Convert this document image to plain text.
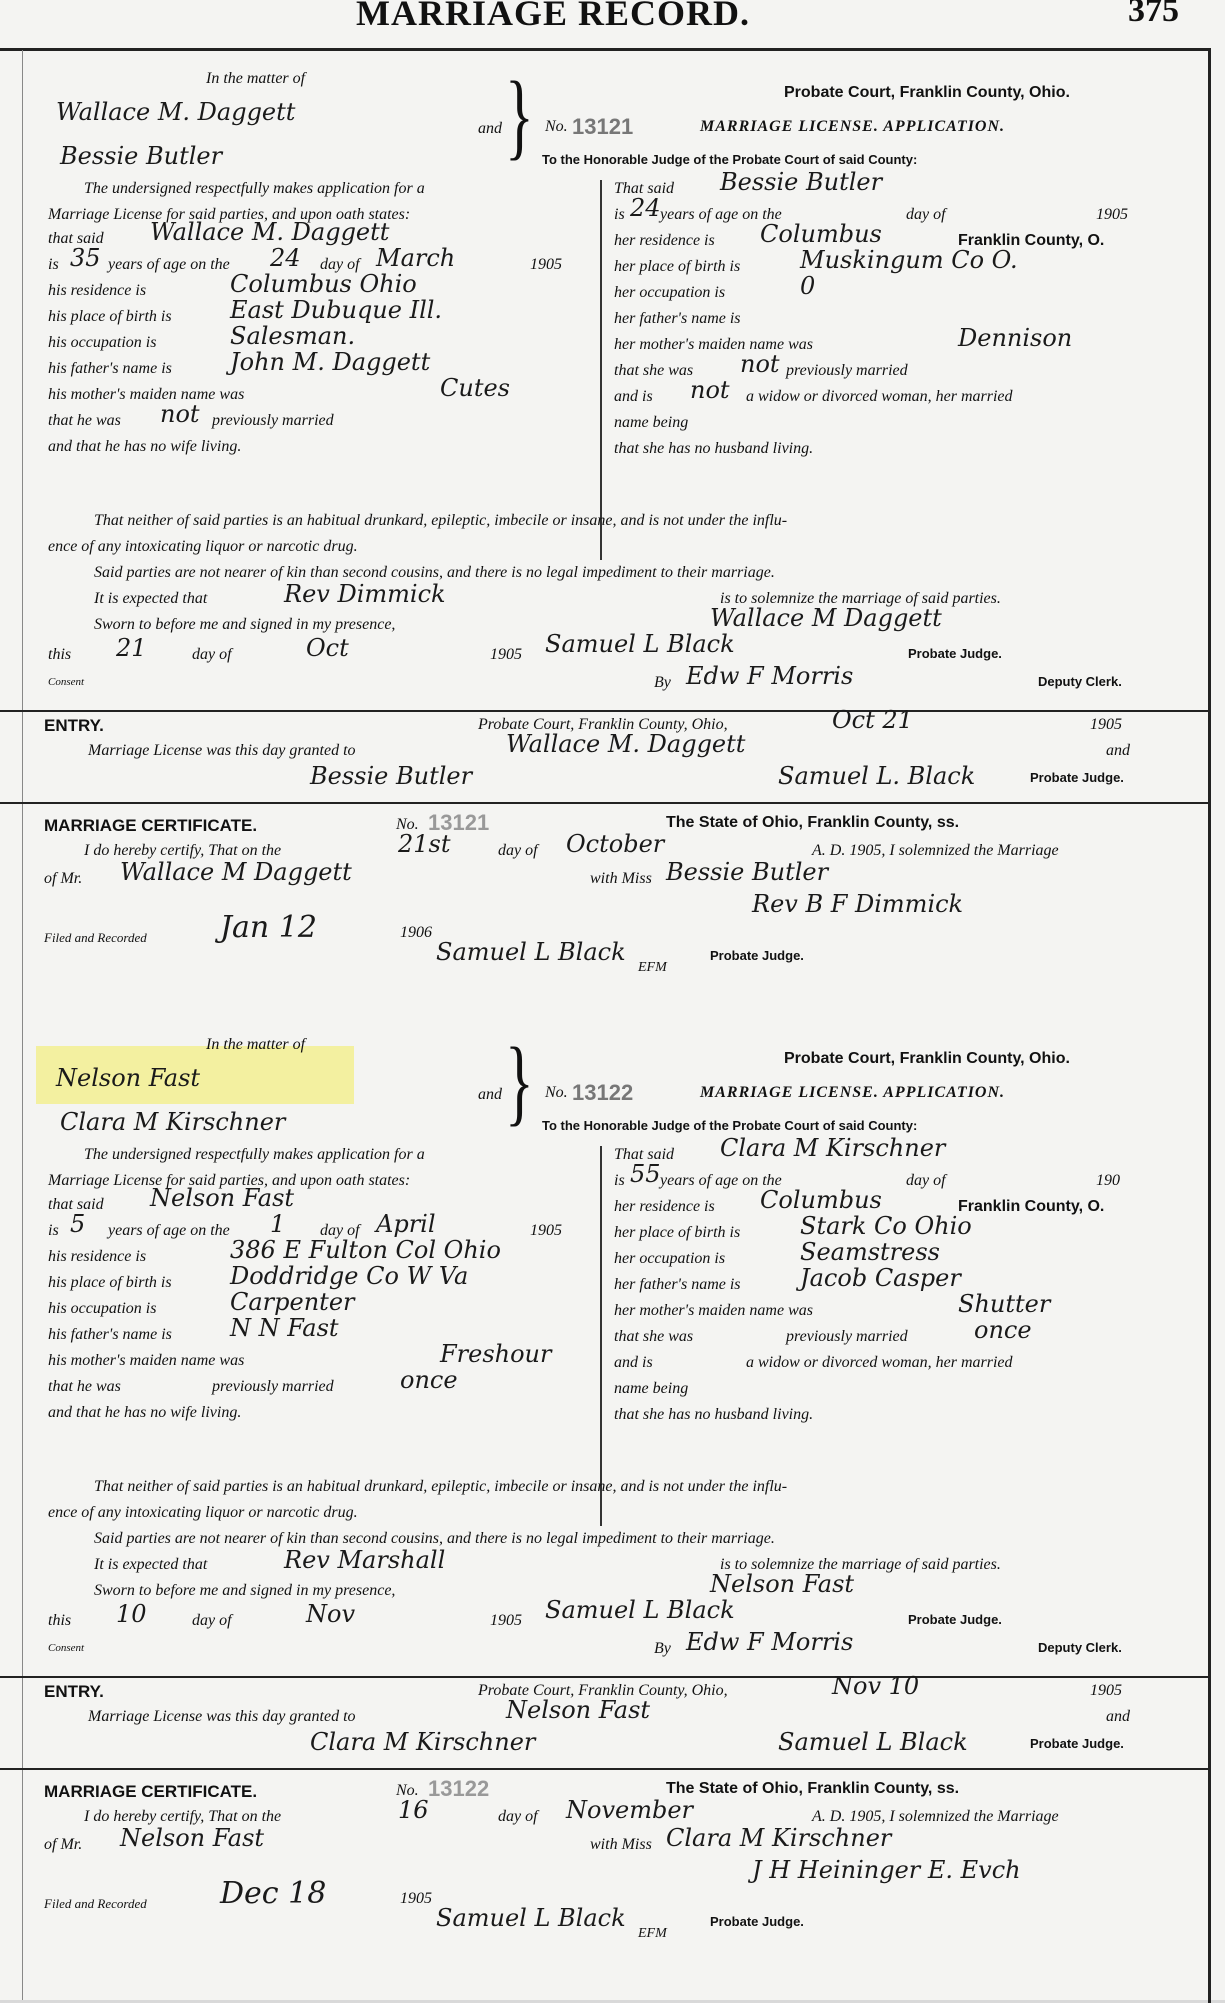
MARRIAGE RECORD.	375
In the matter of
Wallace M. Daggett
Bessie Butler	}
and	No. 13121
Probate Court, Franklin County, Ohio.
MARRIAGE LICENSE. APPLICATION.
To the Honorable Judge of the Probate Court of said County:
The undersigned respectfully makes application for a
Marriage License for said parties, and upon oath states:
that said Wallace M. Daggett
is 35 years of age on the 24 day of March	1905
his residence is	Columbus Ohio
his place of birth is East Dubuque Ill.
his occupation is	Salesman.
his father's name is John M. Daggett
his mother's maiden name was	Cutes
that he was not previously married
and that he has no wife living.
That said Bessie Butler
is 24 years of age on the	day of	1905
her residence is Columbus	Franklin County, O.
her place of birth is Muskingum Co O.
her occupation is	0
her father's name is
her mother's maiden name was	Dennison
that she was not previously married
and is not a widow or divorced woman, her married
name being
that she has no husband living.
That neither of said parties is an habitual drunkard, epileptic, imbecile or insane, and is not under the influ-
ence of any intoxicating liquor or narcotic drug.
Said parties are not nearer of kin than second cousins, and there is no legal impediment to their marriage.
It is expected that	Rev Dimmick	is to solemnize the marriage of said parties.
Sworn to before me and signed in my presence,	Wallace M Daggett
this 21	day of	Oct	1905 Samuel L Black	Probate Judge.
Consent	By Edw F Morris	Deputy Clerk.
ENTRY.	Probate Court, Franklin County, Ohio,	Oct 21	1905
Marriage License was this day granted to	Wallace M. Daggett	and
Bessie Butler	Samuel L. Black	Probate Judge.
MARRIAGE CERTIFICATE.	No. 13121	The State of Ohio, Franklin County, ss.
I do hereby certify, That on the	21st	day of October	A. D. 1905, I solemnized the Marriage
of Mr. Wallace M Daggett	with Miss Bessie Butler
Rev B F Dimmick
Filed and Recorded Jan 12	1906
Samuel L Black
EFM
Probate Judge.
In the matter of
Nelson Fast
Clara M Kirschner	}
and	No. 13122
Probate Court, Franklin County, Ohio.
MARRIAGE LICENSE. APPLICATION.
To the Honorable Judge of the Probate Court of said County:
The undersigned respectfully makes application for a
Marriage License for said parties, and upon oath states:
that said Nelson Fast
is 5 years of age on the 1 day of April	1905
his residence is	386 E Fulton Col Ohio
his place of birth is Doddridge Co W Va
his occupation is	Carpenter
his father's name is N N Fast
his mother's maiden name was	Freshour
that he was	previously married	once
and that he has no wife living.
That said Clara M Kirschner
is 55 years of age on the	day of	190
her residence is Columbus	Franklin County, O.
her place of birth is Stark Co Ohio
her occupation is	Seamstress
her father's name is Jacob Casper
her mother's maiden name was	Shutter
that she was	previously married	once
and is	a widow or divorced woman, her married
name being
that she has no husband living.
That neither of said parties is an habitual drunkard, epileptic, imbecile or insane, and is not under the influ-
ence of any intoxicating liquor or narcotic drug.
Said parties are not nearer of kin than second cousins, and there is no legal impediment to their marriage.
It is expected that	Rev Marshall	is to solemnize the marriage of said parties.
Sworn to before me and signed in my presence,	Nelson Fast
this 10	day of	Nov	1905 Samuel L Black	Probate Judge.
Consent	By Edw F Morris	Deputy Clerk.
ENTRY.	Probate Court, Franklin County, Ohio,	Nov 10	1905
Marriage License was this day granted to	Nelson Fast	and
Clara M Kirschner	Samuel L Black	Probate Judge.
MARRIAGE CERTIFICATE.	No. 13122	The State of Ohio, Franklin County, ss.
I do hereby certify, That on the	16	day of November	A. D. 1905, I solemnized the Marriage
of Mr. Nelson Fast	with Miss Clara M Kirschner
J H Heininger E. Evch
Filed and Recorded Dec 18	1905
Samuel L Black
EFM
Probate Judge.
